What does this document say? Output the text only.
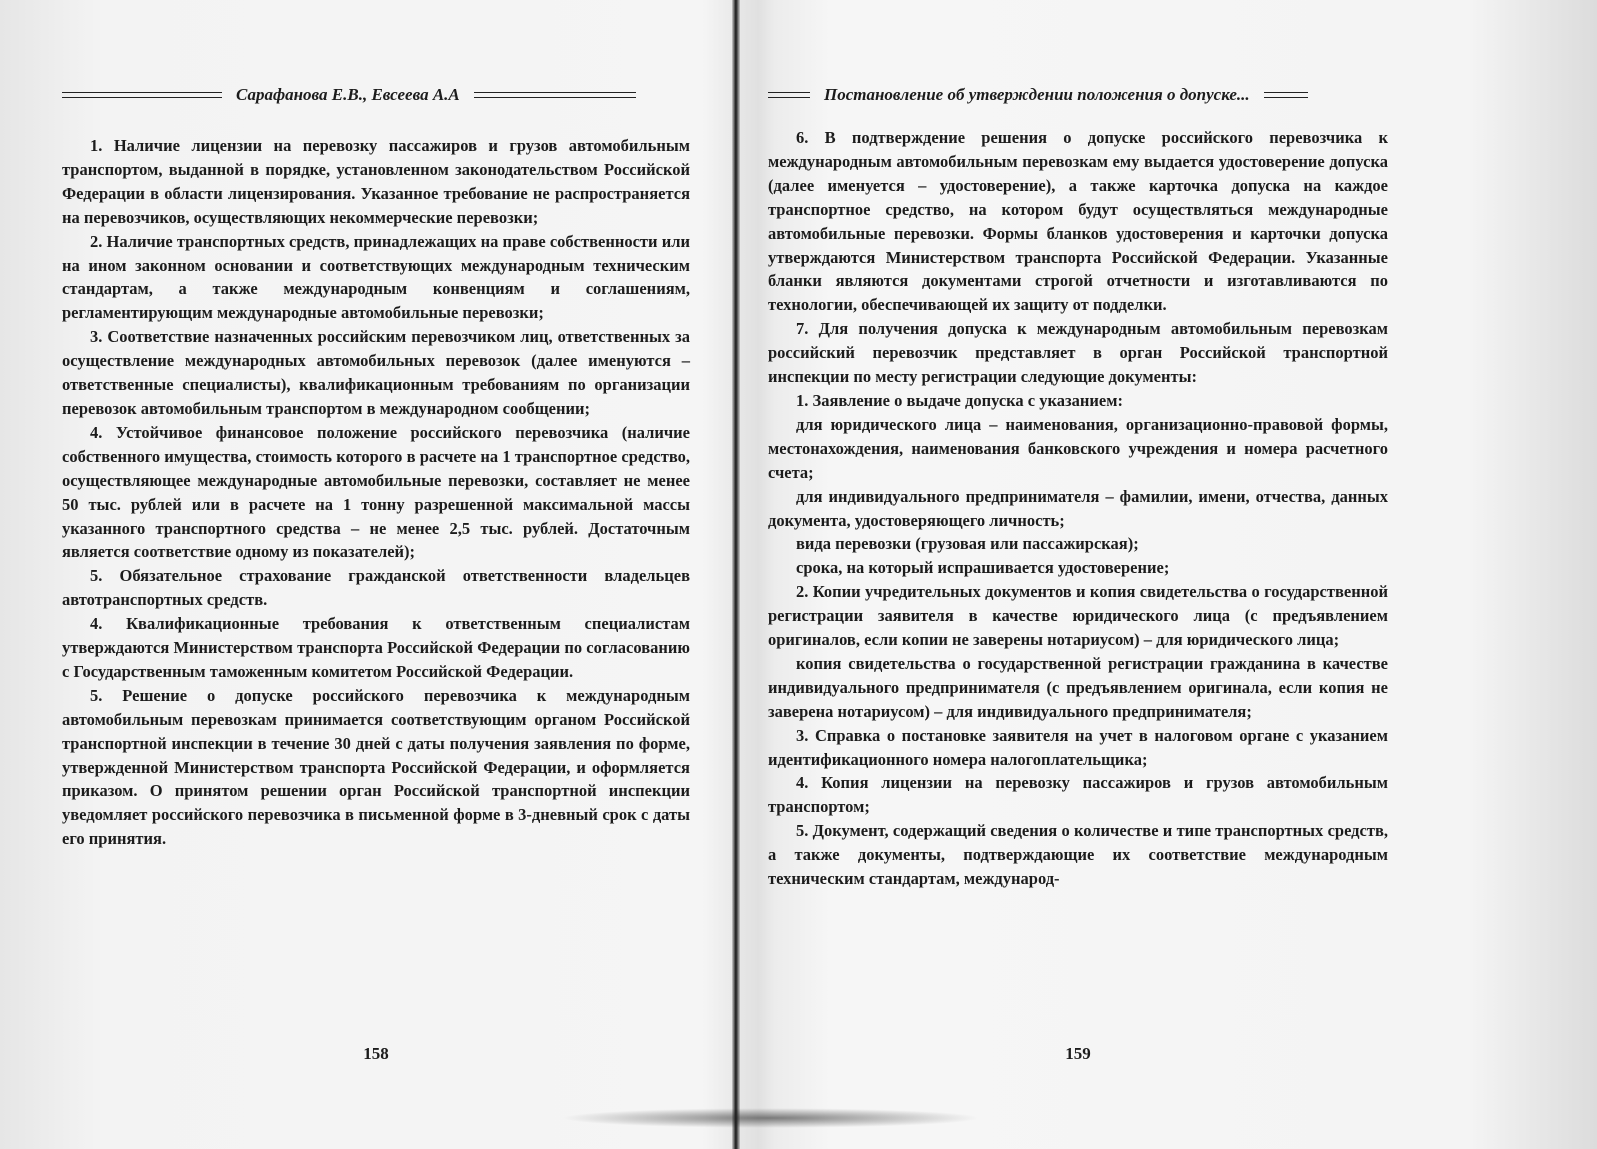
Сарафанова Е.В., Евсеева А.А

1. Наличие лицензии на перевозку пассажиров и грузов автомобильным транспортом, выданной в порядке, установленном законодательством Российской Федерации в области лицензирования. Указанное требование не распространяется на перевозчиков, осуществляющих некоммерческие перевозки;

2. Наличие транспортных средств, принадлежащих на праве собственности или на ином законном основании и соответствующих международным техническим стандартам, а также международным конвенциям и соглашениям, регламентирующим международные автомобильные перевозки;

3. Соответствие назначенных российским перевозчиком лиц, ответственных за осуществление международных автомобильных перевозок (далее именуются – ответственные специалисты), квалификационным требованиям по организации перевозок автомобильным транспортом в международном сообщении;

4. Устойчивое финансовое положение российского перевозчика (наличие собственного имущества, стоимость которого в расчете на 1 транспортное средство, осуществляющее международные автомобильные перевозки, составляет не менее 50 тыс. рублей или в расчете на 1 тонну разрешенной максимальной массы указанного транспортного средства – не менее 2,5 тыс. рублей. Достаточным является соответствие одному из показателей);

5. Обязательное страхование гражданской ответственности владельцев автотранспортных средств.

4. Квалификационные требования к ответственным специалистам утверждаются Министерством транспорта Российской Федерации по согласованию с Государственным таможенным комитетом Российской Федерации.

5. Решение о допуске российского перевозчика к международным автомобильным перевозкам принимается соответствующим органом Российской транспортной инспекции в течение 30 дней с даты получения заявления по форме, утвержденной Министерством транспорта Российской Федерации, и оформляется приказом. О принятом решении орган Российской транспортной инспекции уведомляет российского перевозчика в письменной форме в 3-дневный срок с даты его принятия.

158
Постановление об утверждении положения о допуске...

6. В подтверждение решения о допуске российского перевозчика к международным автомобильным перевозкам ему выдается удостоверение допуска (далее именуется – удостоверение), а также карточка допуска на каждое транспортное средство, на котором будут осуществляться международные автомобильные перевозки. Формы бланков удостоверения и карточки допуска утверждаются Министерством транспорта Российской Федерации. Указанные бланки являются документами строгой отчетности и изготавливаются по технологии, обеспечивающей их защиту от подделки.

7. Для получения допуска к международным автомобильным перевозкам российский перевозчик представляет в орган Российской транспортной инспекции по месту регистрации следующие документы:

1. Заявление о выдаче допуска с указанием:

для юридического лица – наименования, организационно-правовой формы, местонахождения, наименования банковского учреждения и номера расчетного счета;

для индивидуального предпринимателя – фамилии, имени, отчества, данных документа, удостоверяющего личность;

вида перевозки (грузовая или пассажирская);

срока, на который испрашивается удостоверение;

2. Копии учредительных документов и копия свидетельства о государственной регистрации заявителя в качестве юридического лица (с предъявлением оригиналов, если копии не заверены нотариусом) – для юридического лица;

копия свидетельства о государственной регистрации гражданина в качестве индивидуального предпринимателя (с предъявлением оригинала, если копия не заверена нотариусом) – для индивидуального предпринимателя;

3. Справка о постановке заявителя на учет в налоговом органе с указанием идентификационного номера налогоплательщика;

4. Копия лицензии на перевозку пассажиров и грузов автомобильным транспортом;

5. Документ, содержащий сведения о количестве и типе транспортных средств, а также документы, подтверждающие их соответствие международным техническим стандартам, международ-

159
